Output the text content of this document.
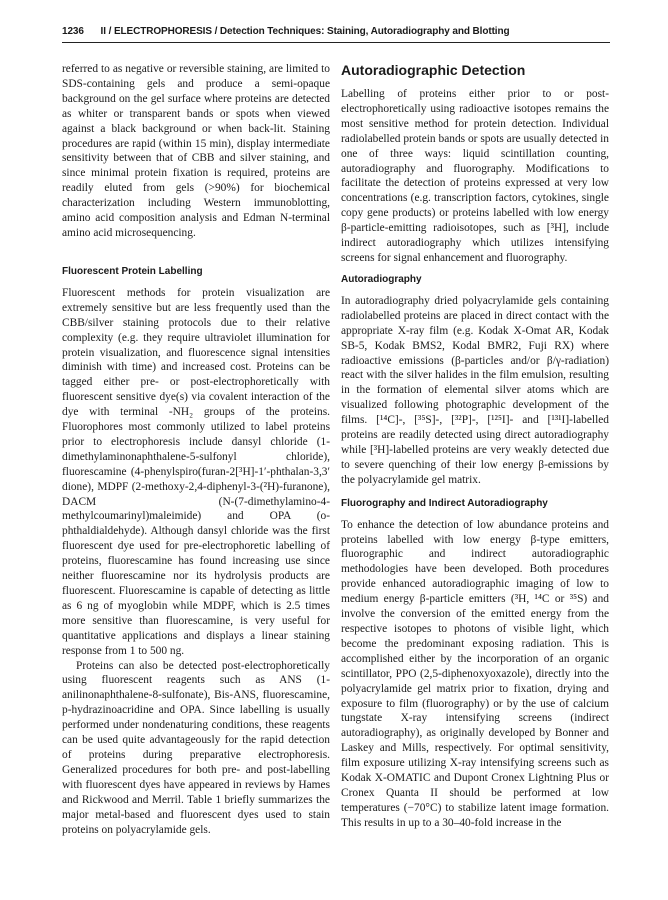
1236 II / ELECTROPHORESIS / Detection Techniques: Staining, Autoradiography and Blotting

referred to as negative or reversible staining, are limited to SDS-containing gels and produce a semi-opaque background on the gel surface where proteins are detected as whiter or transparent bands or spots when viewed against a black background or when back-lit. Staining procedures are rapid (within 15 min), display intermediate sensitivity between that of CBB and silver staining, and since minimal protein fixation is required, proteins are readily eluted from gels (>90%) for biochemical characterization including Western immunoblotting, amino acid composition analysis and Edman N-terminal amino acid microsequencing.

Fluorescent Protein Labelling

Fluorescent methods for protein visualization are extremely sensitive but are less frequently used than the CBB/silver staining protocols due to their relative complexity (e.g. they require ultraviolet illumination for protein visualization, and fluorescence signal intensities diminish with time) and increased cost. Proteins can be tagged either pre- or post-electrophoretically with fluorescent sensitive dye(s) via covalent interaction of the dye with terminal -NH₂ groups of the proteins. Fluorophores most commonly utilized to label proteins prior to electrophoresis include dansyl chloride (1-dimethylaminonaphthalene-5-sulfonyl chloride), fluorescamine (4-phenylspiro(furan-2[³H]-1′-phthalan-3,3′ dione), MDPF (2-methoxy-2,4-diphenyl-3-(²H)-furanone), DACM (N-(7-dimethylamino-4-methylcoumarinyl)maleimide) and OPA (o-phthaldialdehyde). Although dansyl chloride was the first fluorescent dye used for pre-electrophoretic labelling of proteins, fluorescamine has found increasing use since neither fluorescamine nor its hydrolysis products are fluorescent. Fluorescamine is capable of detecting as little as 6 ng of myoglobin while MDPF, which is 2.5 times more sensitive than fluorescamine, is very useful for quantitative applications and displays a linear staining response from 1 to 500 ng.

Proteins can also be detected post-electrophoretically using fluorescent reagents such as ANS (1-anilinonaphthalene-8-sulfonate), Bis-ANS, fluorescamine, p-hydrazinoacridine and OPA. Since labelling is usually performed under nondenaturing conditions, these reagents can be used quite advantageously for the rapid detection of proteins during preparative electrophoresis. Generalized procedures for both pre- and post-labelling with fluorescent dyes have appeared in reviews by Hames and Rickwood and Merril. Table 1 briefly summarizes the major metal-based and fluorescent dyes used to stain proteins on polyacrylamide gels.

Autoradiographic Detection

Labelling of proteins either prior to or post-electrophoretically using radioactive isotopes remains the most sensitive method for protein detection. Individual radiolabelled protein bands or spots are usually detected in one of three ways: liquid scintillation counting, autoradiography and fluorography. Modifications to facilitate the detection of proteins expressed at very low concentrations (e.g. transcription factors, cytokines, single copy gene products) or proteins labelled with low energy β-particle-emitting radioisotopes, such as [³H], include indirect autoradiography which utilizes intensifying screens for signal enhancement and fluorography.

Autoradiography

In autoradiography dried polyacrylamide gels containing radiolabelled proteins are placed in direct contact with the appropriate X-ray film (e.g. Kodak X-Omat AR, Kodak SB-5, Kodak BMS2, Kodal BMR2, Fuji RX) where radioactive emissions (β-particles and/or β/γ-radiation) react with the silver halides in the film emulsion, resulting in the formation of elemental silver atoms which are visualized following photographic development of the films. [¹⁴C]-, [³⁵S]-, [³²P]-, [¹²⁵I]- and [¹³¹I]-labelled proteins are readily detected using direct autoradiography while [³H]-labelled proteins are very weakly detected due to severe quenching of their low energy β-emissions by the polyacrylamide gel matrix.

Fluorography and Indirect Autoradiography

To enhance the detection of low abundance proteins and proteins labelled with low energy β-type emitters, fluorographic and indirect autoradiographic methodologies have been developed. Both procedures provide enhanced autoradiographic imaging of low to medium energy β-particle emitters (³H, ¹⁴C or ³⁵S) and involve the conversion of the emitted energy from the respective isotopes to photons of visible light, which become the predominant exposing radiation. This is accomplished either by the incorporation of an organic scintillator, PPO (2,5-diphenoxyoxazole), directly into the polyacrylamide gel matrix prior to fixation, drying and exposure to film (fluorography) or by the use of calcium tungstate X-ray intensifying screens (indirect autoradiography), as originally developed by Bonner and Laskey and Mills, respectively. For optimal sensitivity, film exposure utilizing X-ray intensifying screens such as Kodak X-OMATIC and Dupont Cronex Lightning Plus or Cronex Quanta II should be performed at low temperatures (−70°C) to stabilize latent image formation. This results in up to a 30–40-fold increase in the
